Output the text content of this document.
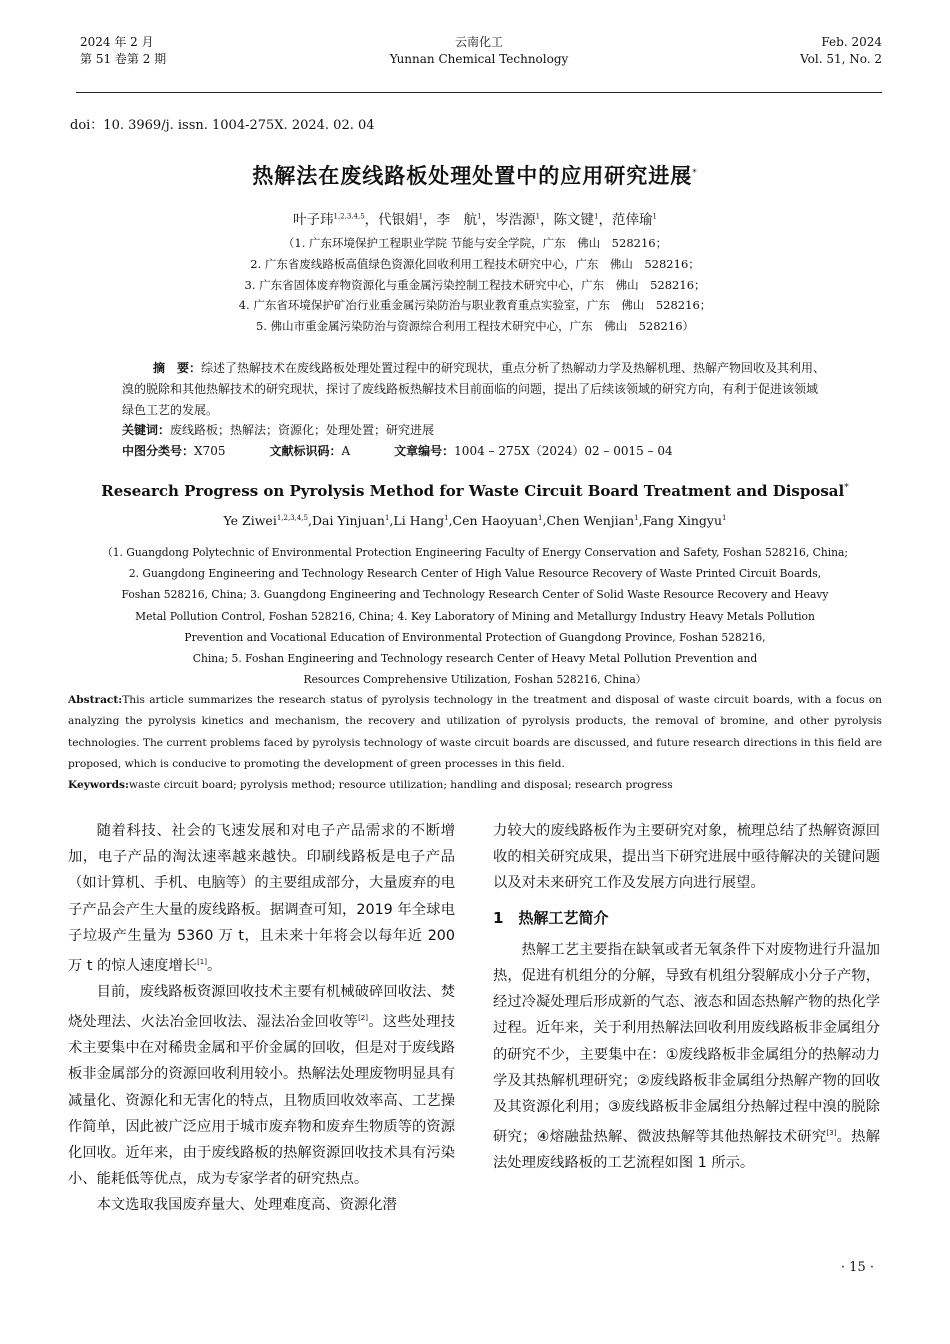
2024 年 2 月
第 51 卷第 2 期
云南化工
Yunnan Chemical Technology
Feb. 2024
Vol. 51, No. 2
doi：10. 3969/j. issn. 1004-275X. 2024. 02. 04
热解法在废线路板处理处置中的应用研究进展*
叶子玮$^{1,2,3,4,5}$，代银娟$^1$，李　航$^1$，岑浩源$^1$，陈文键$^1$，范倖瑜$^1$
（1. 广东环境保护工程职业学院 节能与安全学院，广东　佛山　528216；
2. 广东省废线路板高值绿色资源化回收利用工程技术研究中心，广东　佛山　528216；
3. 广东省固体废弃物资源化与重金属污染控制工程技术研究中心，广东　佛山　528216；
4. 广东省环境保护矿冶行业重金属污染防治与职业教育重点实验室，广东　佛山　528216；
5. 佛山市重金属污染防治与资源综合利用工程技术研究中心，广东　佛山　528216）

摘　要：综述了热解技术在废线路板处理处置过程中的研究现状，重点分析了热解动力学及热解机理、热解产物回收及其利用、溴的脱除和其他热解技术的研究现状，探讨了废线路板热解技术目前面临的问题，提出了后续该领域的研究方向，有利于促进该领域绿色工艺的发展。

关键词：废线路板；热解法；资源化；处理处置；研究进展

中图分类号：X705	文献标识码：A	文章编号：1004 – 275X（2024）02 – 0015 – 04

Research Progress on Pyrolysis Method for Waste Circuit Board Treatment and Disposal*
Ye Ziwei$^{1,2,3,4,5}$,Dai Yinjuan$^1$,Li Hang$^1$,Cen Haoyuan$^1$,Chen Wenjian$^1$,Fang Xingyu$^1$
（1. Guangdong Polytechnic of Environmental Protection Engineering Faculty of Energy Conservation and Safety, Foshan 528216, China;
2. Guangdong Engineering and Technology Research Center of High Value Resource Recovery of Waste Printed Circuit Boards,
Foshan 528216, China; 3. Guangdong Engineering and Technology Research Center of Solid Waste Resource Recovery and Heavy
Metal Pollution Control, Foshan 528216, China; 4. Key Laboratory of Mining and Metallurgy Industry Heavy Metals Pollution
Prevention and Vocational Education of Environmental Protection of Guangdong Province, Foshan 528216,
China; 5. Foshan Engineering and Technology research Center of Heavy Metal Pollution Prevention and
Resources Comprehensive Utilization, Foshan 528216, China）

Abstract:This article summarizes the research status of pyrolysis technology in the treatment and disposal of waste circuit boards, with a focus on analyzing the pyrolysis kinetics and mechanism, the recovery and utilization of pyrolysis products, the removal of bromine, and other pyrolysis technologies. The current problems faced by pyrolysis technology of waste circuit boards are discussed, and future research directions in this field are proposed, which is conducive to promoting the development of green processes in this field.

Keywords:waste circuit board; pyrolysis method; resource utilization; handling and disposal; research progress

随着科技、社会的飞速发展和对电子产品需求的不断增加，电子产品的淘汰速率越来越快。印刷线路板是电子产品（如计算机、手机、电脑等）的主要组成部分，大量废弃的电子产品会产生大量的废线路板。据调查可知，2019 年全球电子垃圾产生量为 5360 万 t，且未来十年将会以每年近 200 万 t 的惊人速度增长[1]。

目前，废线路板资源回收技术主要有机械破碎回收法、焚烧处理法、火法冶金回收法、湿法冶金回收等[2]。这些处理技术主要集中在对稀贵金属和平价金属的回收，但是对于废线路板非金属部分的资源回收利用较小。热解法处理废物明显具有减量化、资源化和无害化的特点，且物质回收效率高、工艺操作简单，因此被广泛应用于城市废弃物和废弃生物质等的资源化回收。近年来，由于废线路板的热解资源回收技术具有污染小、能耗低等优点，成为专家学者的研究热点。

本文选取我国废弃量大、处理难度高、资源化潜

力较大的废线路板作为主要研究对象，梳理总结了热解资源回收的相关研究成果，提出当下研究进展中亟待解决的关键问题以及对未来研究工作及发展方向进行展望。

1　热解工艺简介

热解工艺主要指在缺氧或者无氧条件下对废物进行升温加热，促进有机组分的分解，导致有机组分裂解成小分子产物，经过冷凝处理后形成新的气态、液态和固态热解产物的热化学过程。近年来，关于利用热解法回收利用废线路板非金属组分的研究不少，主要集中在：①废线路板非金属组分的热解动力学及其热解机理研究；②废线路板非金属组分热解产物的回收及其资源化利用；③废线路板非金属组分热解过程中溴的脱除研究；④熔融盐热解、微波热解等其他热解技术研究[3]。热解法处理废线路板的工艺流程如图 1 所示。

· 15 ·
